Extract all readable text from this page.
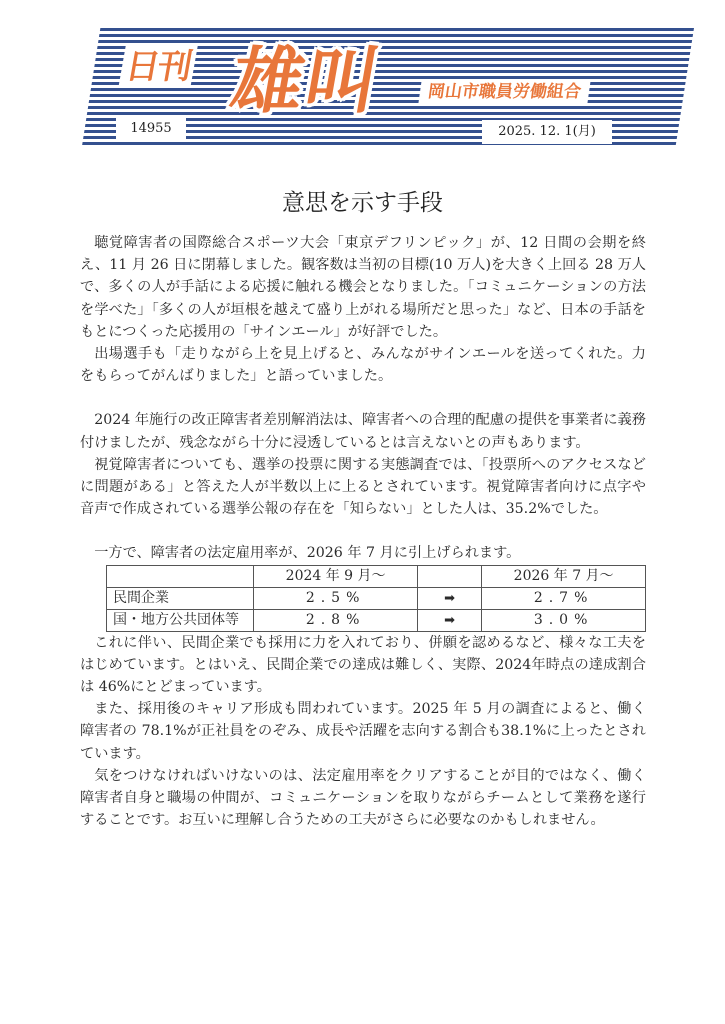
日刊 雄叫	岡山市職員労働組合
14955	2025. 12. 1(月)
意思を示す手段

聴覚障害者の国際総合スポーツ大会「東京デフリンピック」が、12 日間の会期を終え、11 月 26 日に閉幕しました。観客数は当初の目標(10 万人)を大きく上回る 28 万人で、多くの人が手話による応援に触れる機会となりました。「コミュニケーションの方法を学べた」「多くの人が垣根を越えて盛り上がれる場所だと思った」など、日本の手話をもとにつくった応援用の「サインエール」が好評でした。

出場選手も「走りながら上を見上げると、みんながサインエールを送ってくれた。力をもらってがんばりました」と語っていました。

2024 年施行の改正障害者差別解消法は、障害者への合理的配慮の提供を事業者に義務付けましたが、残念ながら十分に浸透しているとは言えないとの声もあります。

視覚障害者についても、選挙の投票に関する実態調査では、「投票所へのアクセスなどに問題がある」と答えた人が半数以上に上るとされています。視覚障害者向けに点字や音声で作成されている選挙公報の存在を「知らない」とした人は、35.2%でした。

一方で、障害者の法定雇用率が、2026 年 7 月に引上げられます。

	2024 年 9 月～		2026 年 7 月～
民間企業	2.5%	➡	2.7%
国・地方公共団体等	2.8%	➡	3.0%

これに伴い、民間企業でも採用に力を入れており、併願を認めるなど、様々な工夫をはじめています。とはいえ、民間企業での達成は難しく、実際、2024年時点の達成割合は 46%にとどまっています。

また、採用後のキャリア形成も問われています。2025 年 5 月の調査によると、働く障害者の 78.1%が正社員をのぞみ、成長や活躍を志向する割合も38.1%に上ったとされています。

気をつけなければいけないのは、法定雇用率をクリアすることが目的ではなく、働く障害者自身と職場の仲間が、コミュニケーションを取りながらチームとして業務を遂行することです。お互いに理解し合うための工夫がさらに必要なのかもしれません。
